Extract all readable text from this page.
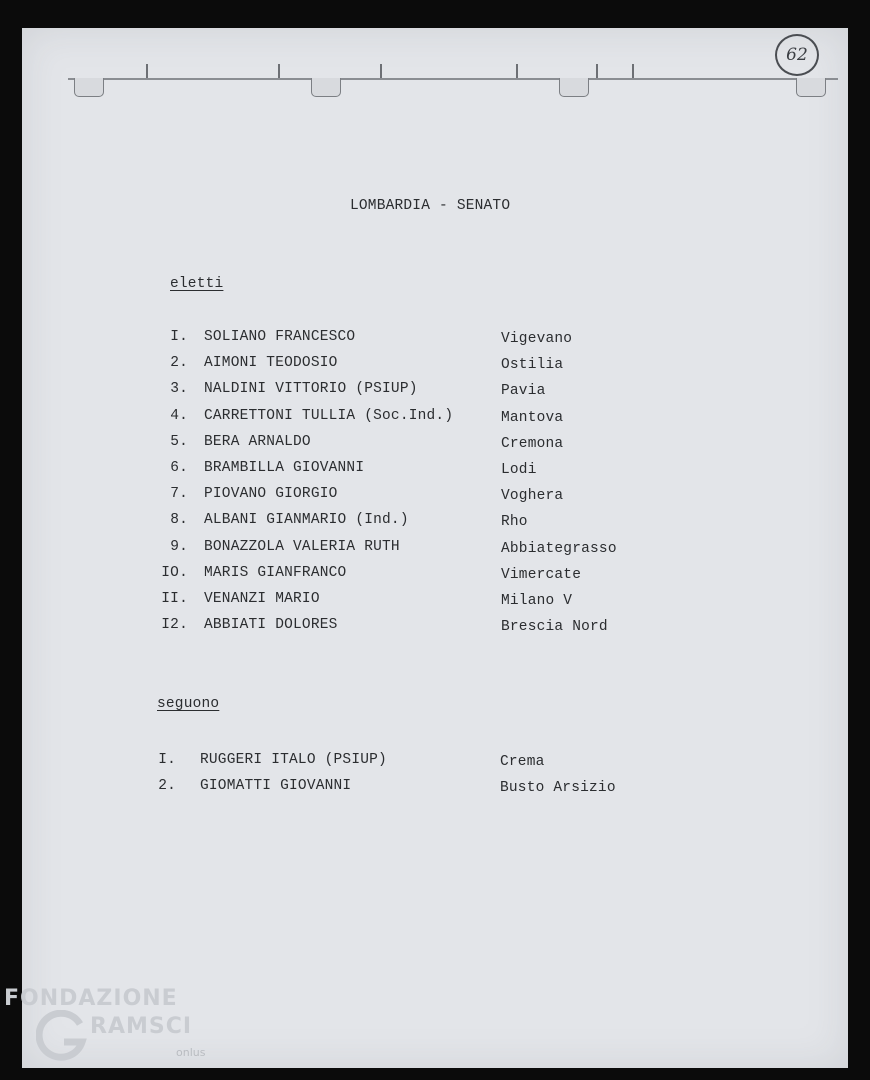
62
LOMBARDIA - SENATO
eletti
I. SOLIANO FRANCESCO	Vigevano
2. AIMONI TEODOSIO	Ostilia
3. NALDINI VITTORIO (PSIUP)	Pavia
4. CARRETTONI TULLIA (Soc.Ind.)	Mantova
5. BERA ARNALDO	Cremona
6. BRAMBILLA GIOVANNI	Lodi
7. PIOVANO GIORGIO	Voghera
8. ALBANI GIANMARIO (Ind.)	Rho
9. BONAZZOLA VALERIA RUTH	Abbiategrasso
IO. MARIS GIANFRANCO	Vimercate
II. VENANZI MARIO	Milano V
I2. ABBIATI DOLORES	Brescia Nord
seguono
I. RUGGERI ITALO (PSIUP)	Crema
2. GIOMATTI GIOVANNI	Busto Arsizio
FONDAZIONE
RAMSCI
onlus
